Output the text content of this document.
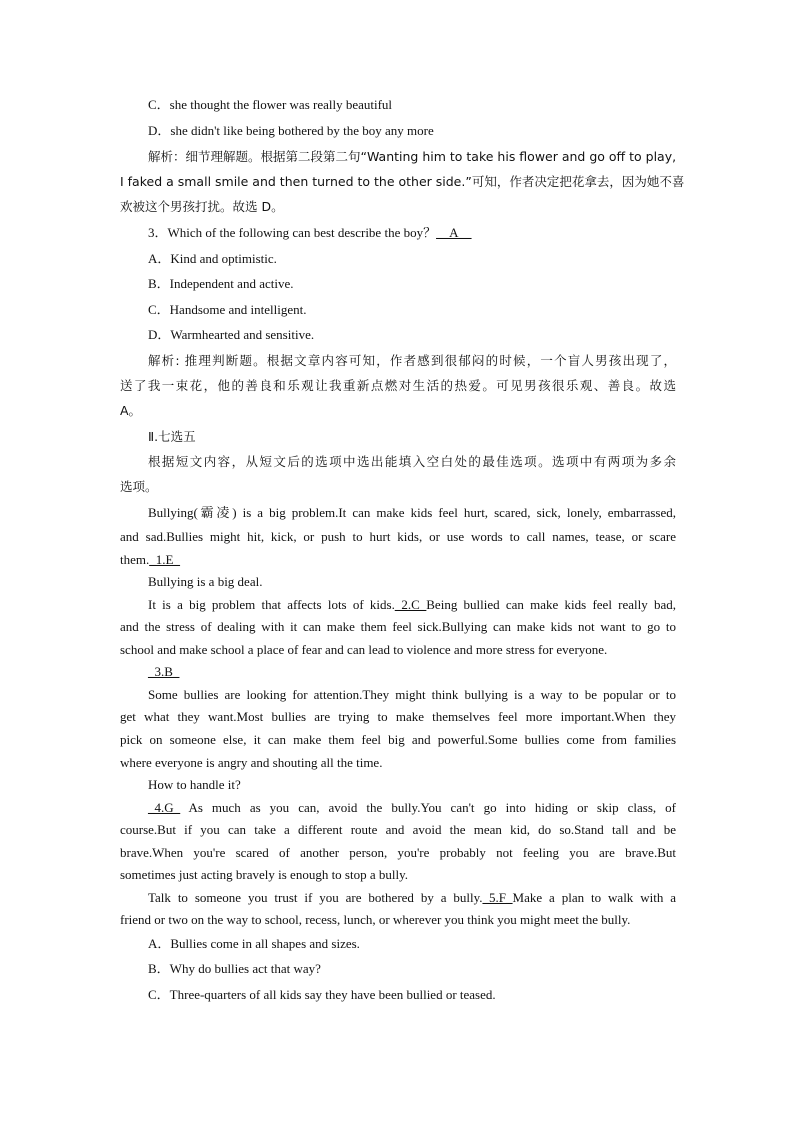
C．she thought the flower was really beautiful
D．she didn't like being bothered by the boy any more
解析：细节理解题。根据第二段第二句“Wanting him to take his flower and go off to play,
I faked a small smile and then turned to the other side.”可知，作者决定把花拿去，因为她不喜
欢被这个男孩打扰。故选 D。
3．Which of the following can best describe the boy？__A__
A．Kind and optimistic.
B．Independent and active.
C．Handsome and intelligent.
D．Warmhearted and sensitive.
解析: 推理判断题。根据文章内容可知，作者感到很郁闷的时候，一个盲人男孩出现了，
送了我一束花，他的善良和乐观让我重新点燃对生活的热爱。可见男孩很乐观、善良。故选
A。
Ⅱ.七选五
根据短文内容，从短文后的选项中选出能填入空白处的最佳选项。选项中有两项为多余
选项。
Bullying(霸凌) is a big problem.It can make kids feel hurt, scared, sick, lonely, embarrassed,
and sad.Bullies might hit, kick, or push to hurt kids, or use words to call names, tease, or scare
them._1.E_
Bullying is a big deal.
It is a big problem that affects lots of kids._2.C_Being bullied can make kids feel really bad,
and the stress of dealing with it can make them feel sick.Bullying can make kids not want to go to
school and make school a place of fear and can lead to violence and more stress for everyone.
_3.B_
Some bullies are looking for attention.They might think bullying is a way to be popular or to
get what they want.Most bullies are trying to make themselves feel more important.When they
pick on someone else, it can make them feel big and powerful.Some bullies come from families
where everyone is angry and shouting all the time.
How to handle it?
_4.G_ As much as you can, avoid the bully.You can't go into hiding or skip class, of
course.But if you can take a different route and avoid the mean kid, do so.Stand tall and be
brave.When you're scared of another person, you're probably not feeling you are brave.But
sometimes just acting bravely is enough to stop a bully.
Talk to someone you trust if you are bothered by a bully._5.F_Make a plan to walk with a
friend or two on the way to school, recess, lunch, or wherever you think you might meet the bully.
A．Bullies come in all shapes and sizes.
B．Why do bullies act that way?
C．Three-quarters of all kids say they have been bullied or teased.
